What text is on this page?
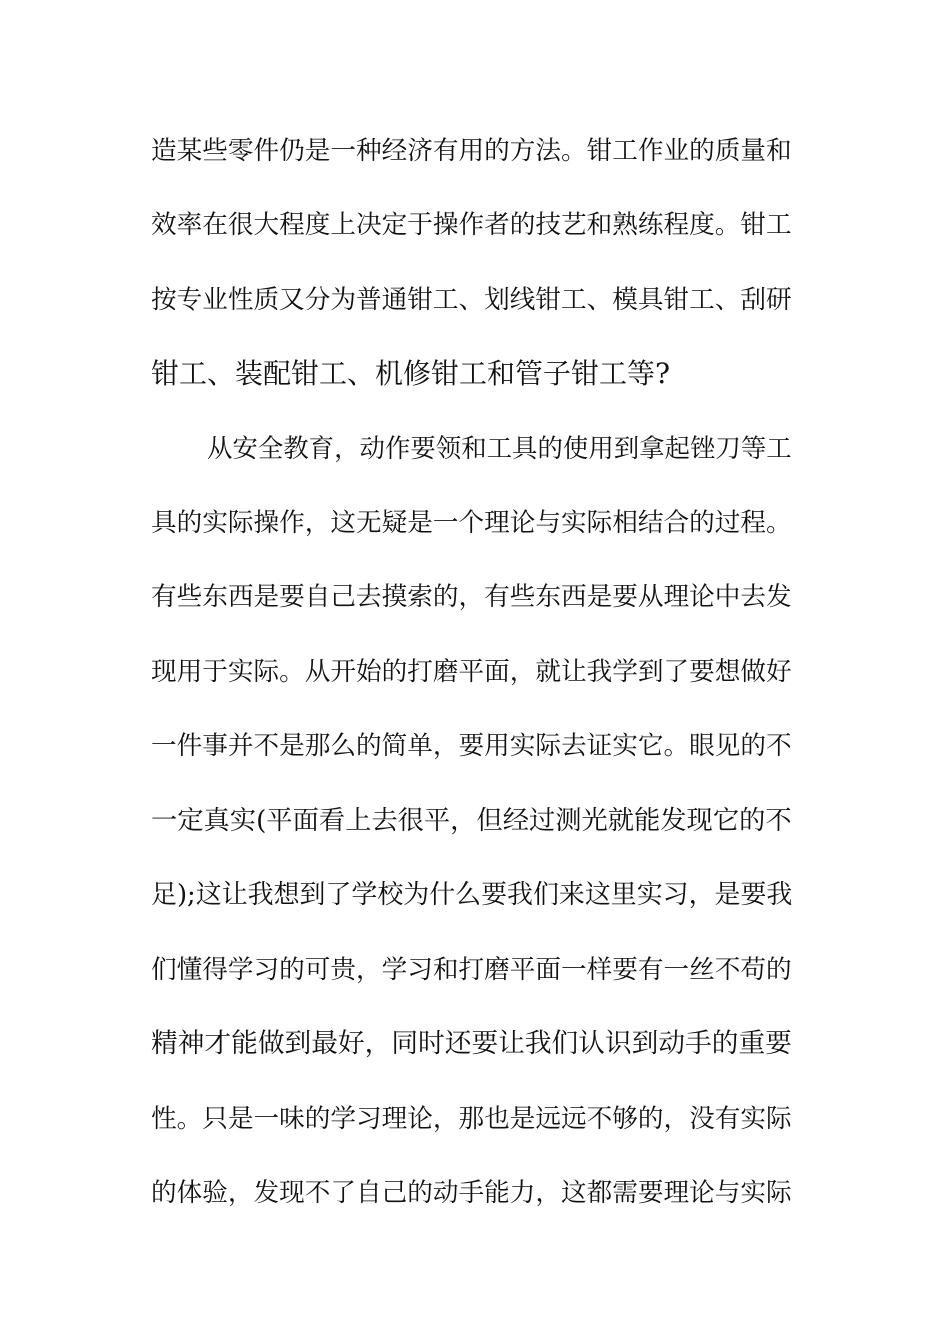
造某些零件仍是一种经济有用的方法。钳工作业的质量和
效率在很大程度上决定于操作者的技艺和熟练程度。钳工
按专业性质又分为普通钳工、划线钳工、模具钳工、刮研
钳工、装配钳工、机修钳工和管子钳工等?
从安全教育，动作要领和工具的使用到拿起锉刀等工
具的实际操作，这无疑是一个理论与实际相结合的过程。
有些东西是要自己去摸索的，有些东西是要从理论中去发
现用于实际。从开始的打磨平面，就让我学到了要想做好
一件事并不是那么的简单，要用实际去证实它。眼见的不
一定真实(平面看上去很平，但经过测光就能发现它的不
足);这让我想到了学校为什么要我们来这里实习，是要我
们懂得学习的可贵，学习和打磨平面一样要有一丝不苟的
精神才能做到最好，同时还要让我们认识到动手的重要
性。只是一味的学习理论，那也是远远不够的，没有实际
的体验，发现不了自己的动手能力，这都需要理论与实际
